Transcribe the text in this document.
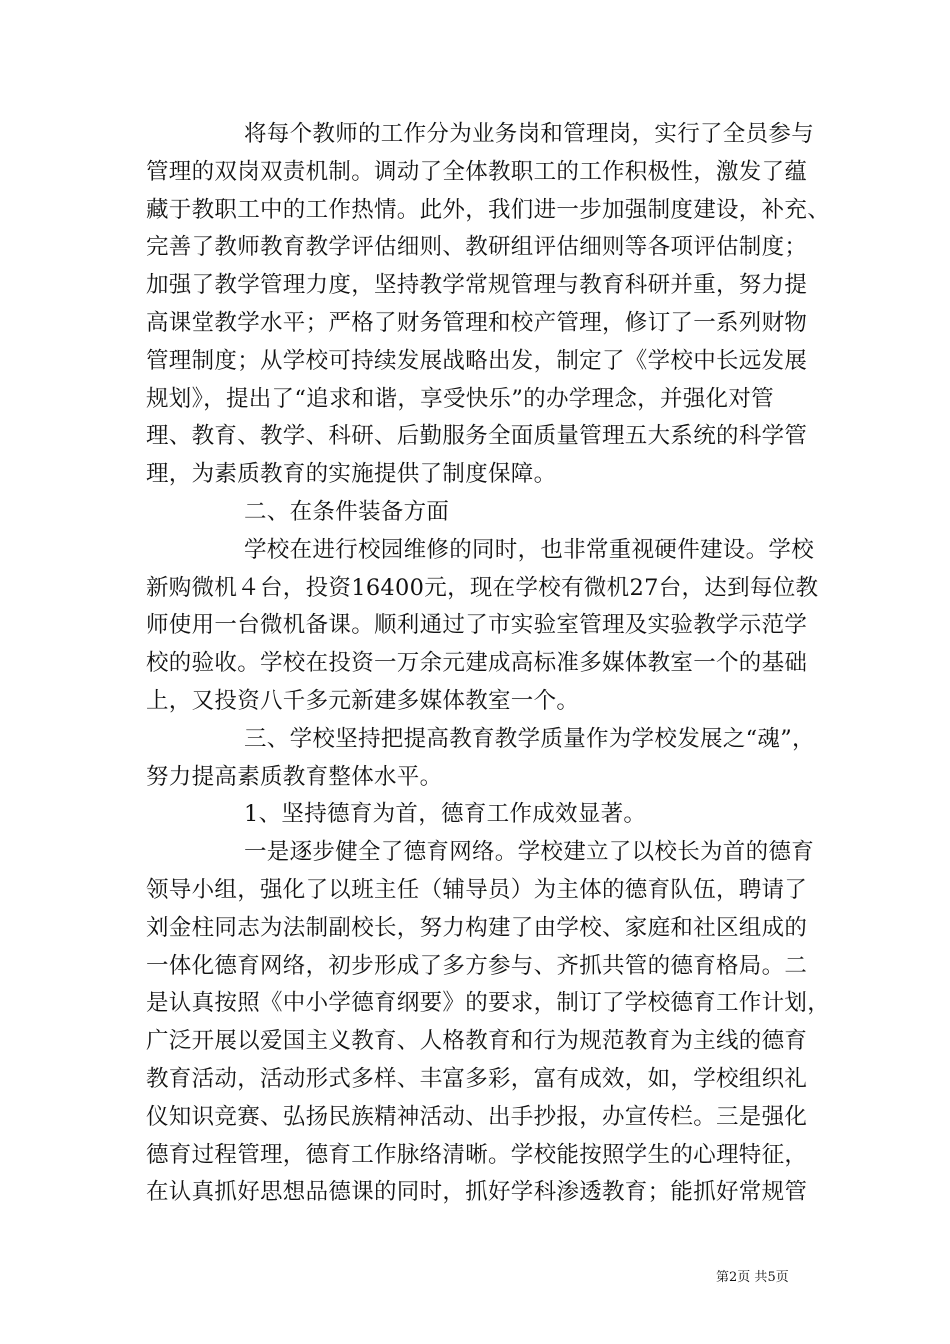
将每个教师的工作分为业务岗和管理岗，实行了全员参与
管理的双岗双责机制。调动了全体教职工的工作积极性，激发了蕴
藏于教职工中的工作热情。此外，我们进一步加强制度建设，补充、
完善了教师教育教学评估细则、教研组评估细则等各项评估制度；
加强了教学管理力度，坚持教学常规管理与教育科研并重，努力提
高课堂教学水平；严格了财务管理和校产管理，修订了一系列财物
管理制度；从学校可持续发展战略出发，制定了《学校中长远发展
规划》，提出了“追求和谐，享受快乐”的办学理念，并强化对管
理、教育、教学、科研、后勤服务全面质量管理五大系统的科学管
理，为素质教育的实施提供了制度保障。
二、在条件装备方面
学校在进行校园维修的同时，也非常重视硬件建设。学校
新购微机４台，投资16400元，现在学校有微机27台，达到每位教
师使用一台微机备课。顺利通过了市实验室管理及实验教学示范学
校的验收。学校在投资一万余元建成高标准多媒体教室一个的基础
上，又投资八千多元新建多媒体教室一个。
三、学校坚持把提高教育教学质量作为学校发展之“魂”，
努力提高素质教育整体水平。
1、坚持德育为首，德育工作成效显著。
一是逐步健全了德育网络。学校建立了以校长为首的德育
领导小组，强化了以班主任（辅导员）为主体的德育队伍，聘请了
刘金柱同志为法制副校长，努力构建了由学校、家庭和社区组成的
一体化德育网络，初步形成了多方参与、齐抓共管的德育格局。二
是认真按照《中小学德育纲要》的要求，制订了学校德育工作计划，
广泛开展以爱国主义教育、人格教育和行为规范教育为主线的德育
教育活动，活动形式多样、丰富多彩，富有成效，如，学校组织礼
仪知识竞赛、弘扬民族精神活动、出手抄报，办宣传栏。三是强化
德育过程管理，德育工作脉络清晰。学校能按照学生的心理特征，
在认真抓好思想品德课的同时，抓好学科渗透教育；能抓好常规管
第2页 共5页
